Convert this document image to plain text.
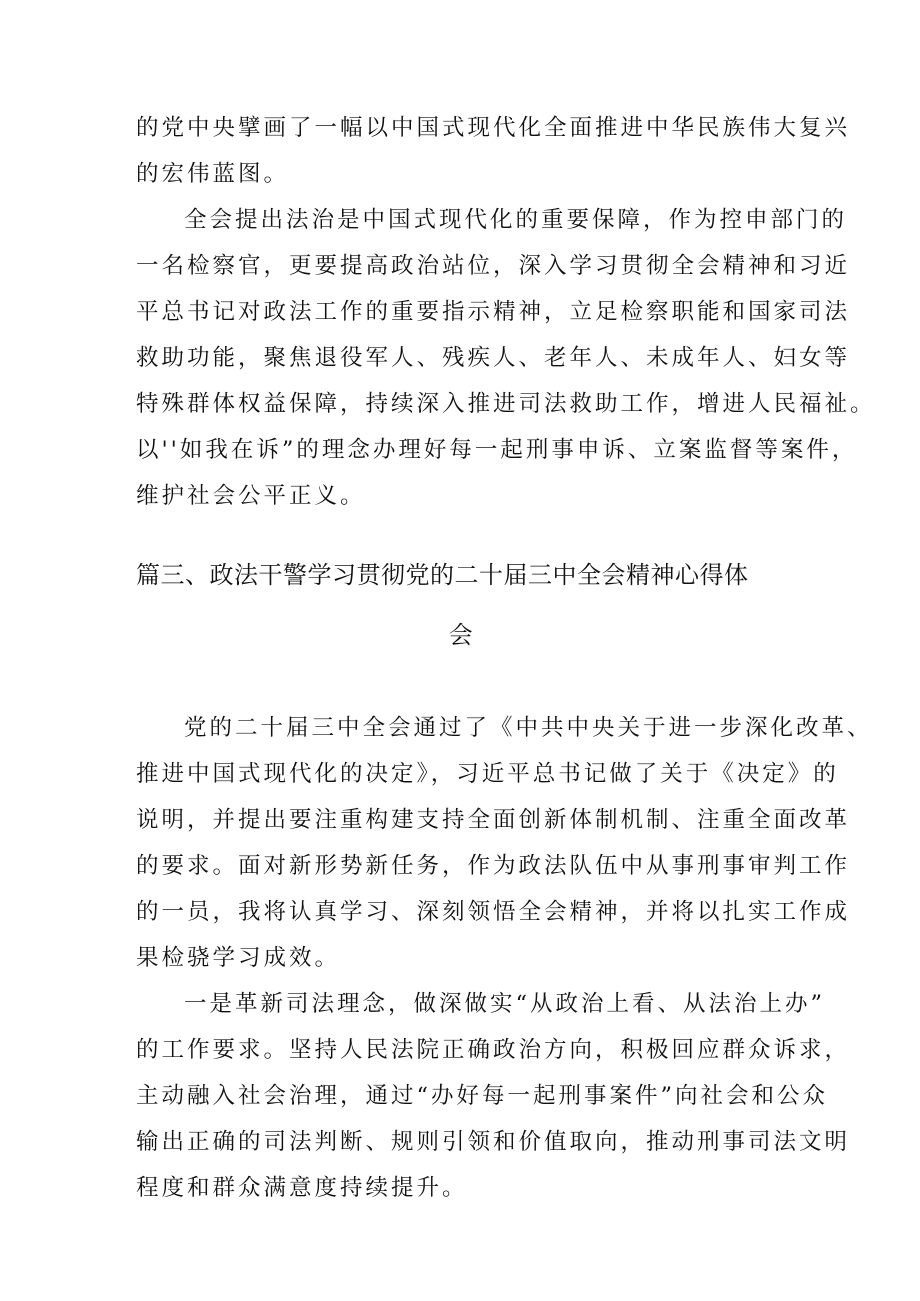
的党中央擘画了一幅以中国式现代化全面推进中华民族伟大复兴
的宏伟蓝图。
全会提出法治是中国式现代化的重要保障，作为控申部门的
一名检察官，更要提高政治站位，深入学习贯彻全会精神和习近
平总书记对政法工作的重要指示精神，立足检察职能和国家司法
救助功能，聚焦退役军人、残疾人、老年人、未成年人、妇女等
特殊群体权益保障，持续深入推进司法救助工作，增进人民福祉。
以''如我在诉”的理念办理好每一起刑事申诉、立案监督等案件，
维护社会公平正义。
篇三、政法干警学习贯彻党的二十届三中全会精神心得体
会
党的二十届三中全会通过了《中共中央关于进一步深化改革、
推进中国式现代化的决定》，习近平总书记做了关于《决定》的
说明，并提出要注重构建支持全面创新体制机制、注重全面改革
的要求。面对新形势新任务，作为政法队伍中从事刑事审判工作
的一员，我将认真学习、深刻领悟全会精神，并将以扎实工作成
果检骁学习成效。
一是革新司法理念，做深做实“从政治上看、从法治上办”
的工作要求。坚持人民法院正确政治方向，积极回应群众诉求，
主动融入社会治理，通过“办好每一起刑事案件”向社会和公众
输出正确的司法判断、规则引领和价值取向，推动刑事司法文明
程度和群众满意度持续提升。
